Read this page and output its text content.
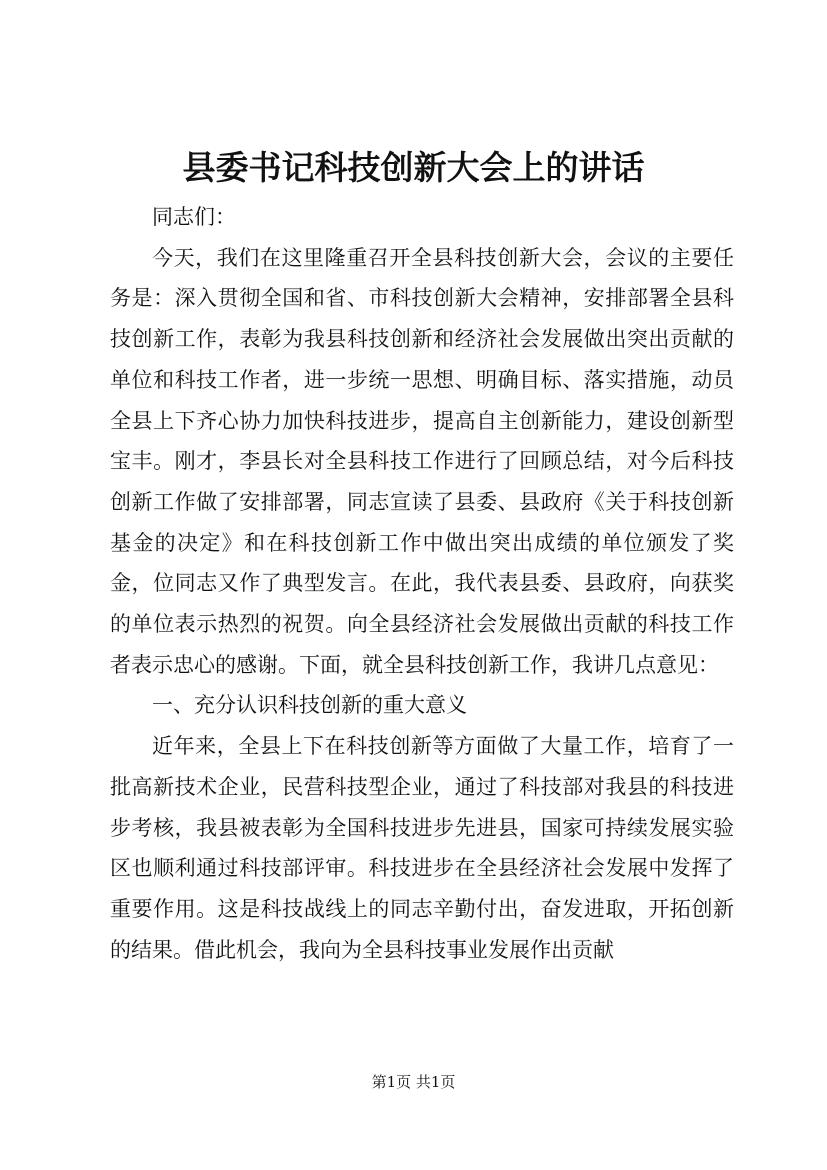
县委书记科技创新大会上的讲话

同志们：

今天，我们在这里隆重召开全县科技创新大会，会议的主要任务是：深入贯彻全国和省、市科技创新大会精神，安排部署全县科技创新工作，表彰为我县科技创新和经济社会发展做出突出贡献的单位和科技工作者，进一步统一思想、明确目标、落实措施，动员全县上下齐心协力加快科技进步，提高自主创新能力，建设创新型宝丰。刚才，李县长对全县科技工作进行了回顾总结，对今后科技创新工作做了安排部署，同志宣读了县委、县政府《关于科技创新基金的决定》和在科技创新工作中做出突出成绩的单位颁发了奖金，位同志又作了典型发言。在此，我代表县委、县政府，向获奖的单位表示热烈的祝贺。向全县经济社会发展做出贡献的科技工作者表示忠心的感谢。下面，就全县科技创新工作，我讲几点意见：

一、充分认识科技创新的重大意义

近年来，全县上下在科技创新等方面做了大量工作，培育了一批高新技术企业，民营科技型企业，通过了科技部对我县的科技进步考核，我县被表彰为全国科技进步先进县，国家可持续发展实验区也顺利通过科技部评审。科技进步在全县经济社会发展中发挥了重要作用。这是科技战线上的同志辛勤付出，奋发进取，开拓创新的结果。借此机会，我向为全县科技事业发展作出贡献

第1页 共1页
